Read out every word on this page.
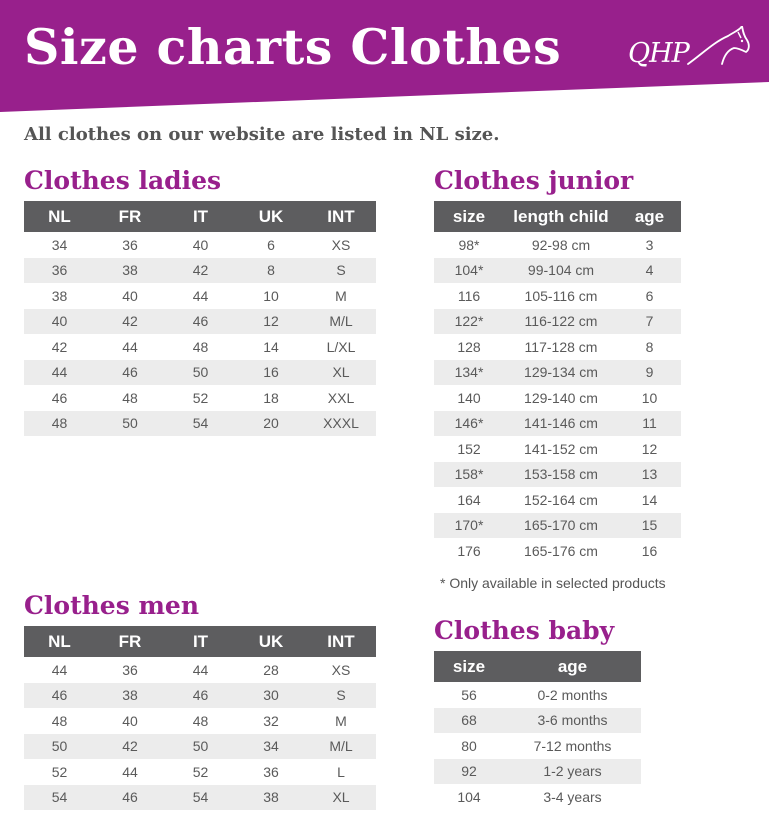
Size charts Clothes QHP
All clothes on our website are listed in NL size.
Clothes ladies
NL	FR	IT	UK	INT
34	36	40	6	XS
36	38	42	8	S
38	40	44	10	M
40	42	46	12	M/L
42	44	48	14	L/XL
44	46	50	16	XL
46	48	52	18	XXL
48	50	54	20	XXXL
Clothes junior
size	length child	age
98*	92-98 cm	3
104*	99-104 cm	4
116	105-116 cm	6
122*	116-122 cm	7
128	117-128 cm	8
134*	129-134 cm	9
140	129-140 cm	10
146*	141-146 cm	11
152	141-152 cm	12
158*	153-158 cm	13
164	152-164 cm	14
170*	165-170 cm	15
176	165-176 cm	16
* Only available in selected products
Clothes men
NL	FR	IT	UK	INT
44	36	44	28	XS
46	38	46	30	S
48	40	48	32	M
50	42	50	34	M/L
52	44	52	36	L
54	46	54	38	XL
Clothes baby
size	age
56	0-2 months
68	3-6 months
80	7-12 months
92	1-2 years
104	3-4 years
